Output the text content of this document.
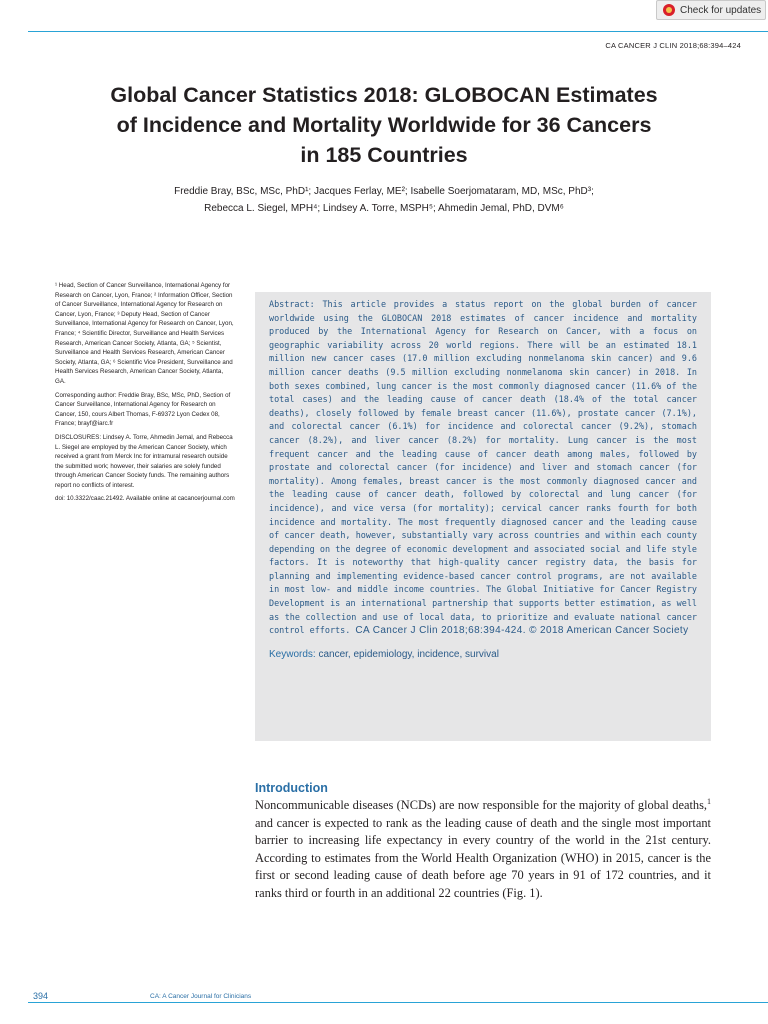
Check for updates
CA CANCER J CLIN 2018;68:394–424
Global Cancer Statistics 2018: GLOBOCAN Estimates
of Incidence and Mortality Worldwide for 36 Cancers
in 185 Countries
Freddie Bray, BSc, MSc, PhD¹; Jacques Ferlay, ME²; Isabelle Soerjomataram, MD, MSc, PhD³;
Rebecca L. Siegel, MPH⁴; Lindsey A. Torre, MSPH⁵; Ahmedin Jemal, PhD, DVM⁶

¹ Head, Section of Cancer Surveillance, International Agency for Research on Cancer, Lyon, France; ² Information Officer, Section of Cancer Surveillance, International Agency for Research on Cancer, Lyon, France; ³ Deputy Head, Section of Cancer Surveillance, International Agency for Research on Cancer, Lyon, France; ⁴ Scientific Director, Surveillance and Health Services Research, American Cancer Society, Atlanta, GA; ⁵ Scientist, Surveillance and Health Services Research, American Cancer Society, Atlanta, GA; ⁶ Scientific Vice President, Surveillance and Health Services Research, American Cancer Society, Atlanta, GA.

Corresponding author: Freddie Bray, BSc, MSc, PhD, Section of Cancer Surveillance, International Agency for Research on Cancer, 150, cours Albert Thomas, F-69372 Lyon Cedex 08, France; brayf@iarc.fr

DISCLOSURES: Lindsey A. Torre, Ahmedin Jemal, and Rebecca L. Siegel are employed by the American Cancer Society, which received a grant from Merck Inc for intramural research outside the submitted work; however, their salaries are solely funded through American Cancer Society funds. The remaining authors report no conflicts of interest.

doi: 10.3322/caac.21492. Available online at cacancerjournal.com

Abstract: This article provides a status report on the global burden of cancer worldwide using the GLOBOCAN 2018 estimates of cancer incidence and mortality produced by the International Agency for Research on Cancer, with a focus on geographic variability across 20 world regions. There will be an estimated 18.1 million new cancer cases (17.0 million excluding nonmelanoma skin cancer) and 9.6 million cancer deaths (9.5 million excluding nonmelanoma skin cancer) in 2018. In both sexes combined, lung cancer is the most commonly diagnosed cancer (11.6% of the total cases) and the leading cause of cancer death (18.4% of the total cancer deaths), closely followed by female breast cancer (11.6%), prostate cancer (7.1%), and colorectal cancer (6.1%) for incidence and colorectal cancer (9.2%), stomach cancer (8.2%), and liver cancer (8.2%) for mortality. Lung cancer is the most frequent cancer and the leading cause of cancer death among males, followed by prostate and colorectal cancer (for incidence) and liver and stomach cancer (for mortality). Among females, breast cancer is the most commonly diagnosed cancer and the leading cause of cancer death, followed by colorectal and lung cancer (for incidence), and vice versa (for mortality); cervical cancer ranks fourth for both incidence and mortality. The most frequently diagnosed cancer and the leading cause of cancer death, however, substantially vary across countries and within each county depending on the degree of economic development and associated social and life style factors. It is noteworthy that high-quality cancer registry data, the basis for planning and implementing evidence-based cancer control programs, are not available in most low- and middle income countries. The Global Initiative for Cancer Registry Development is an international partnership that supports better estimation, as well as the collection and use of local data, to prioritize and evaluate national cancer control efforts. CA Cancer J Clin 2018;68:394-424. © 2018 American Cancer Society
Keywords: cancer, epidemiology, incidence, survival
Introduction

Noncommunicable diseases (NCDs) are now responsible for the majority of global deaths,$^1$ and cancer is expected to rank as the leading cause of death and the single most important barrier to increasing life expectancy in every country of the world in the 21st century. According to estimates from the World Health Organization (WHO) in 2015, cancer is the first or second leading cause of death before age 70 years in 91 of 172 countries, and it ranks third or fourth in an additional 22 countries (Fig. 1).

394	CA: A Cancer Journal for Clinicians
